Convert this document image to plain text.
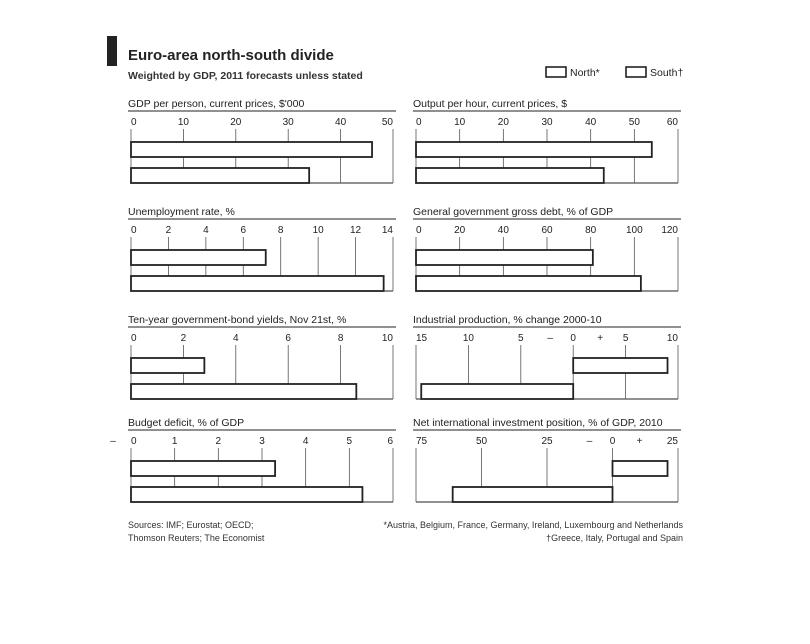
Euro-area north-south divide
Weighted by GDP, 2011 forecasts unless stated	North*	South†
GDP per person, current prices, $'000
0	10	20	30	40	50
Output per hour, current prices, $
0	10	20	30	40	50	60
Unemployment rate, %
0	2	4	6	8	10	12 14
General government gross debt, % of GDP
0	20	40	60	80	100 120
Ten-year government-bond yields, Nov 21st, %
0	2	4	6	8	10
Industrial production, % change 2000-10
15	10	5	0	5	10
–	+
Budget deficit, % of GDP
6
5
4
3
2
1
0
–
Net international investment position, % of GDP, 2010
75	50	25	0	25
–	+
Sources: IMF; Eurostat; OECD;
Thomson Reuters; The Economist
*Austria, Belgium, France, Germany, Ireland, Luxembourg and Netherlands
†Greece, Italy, Portugal and Spain
